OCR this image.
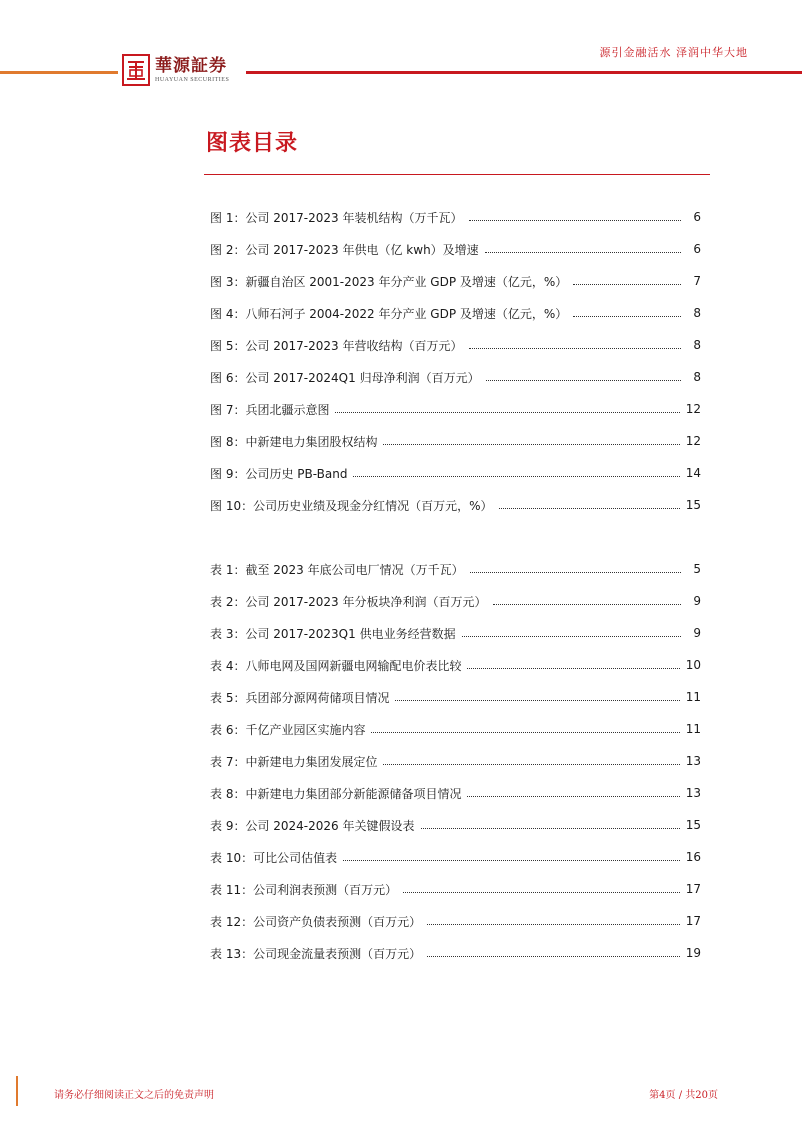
華源証券
HUAYUAN SECURITIES
源引金融活水 泽润中华大地
图表目录
图 1：公司 2017-2023 年装机结构（万千瓦）	6
图 2：公司 2017-2023 年供电（亿 kwh）及增速	6
图 3：新疆自治区 2001-2023 年分产业 GDP 及增速（亿元，%）	7
图 4：八师石河子 2004-2022 年分产业 GDP 及增速（亿元，%）	8
图 5：公司 2017-2023 年营收结构（百万元）	8
图 6：公司 2017-2024Q1 归母净利润（百万元）	8
图 7：兵团北疆示意图	12
图 8：中新建电力集团股权结构	12
图 9：公司历史 PB-Band	14
图 10：公司历史业绩及现金分红情况（百万元，%）	15
表 1：截至 2023 年底公司电厂情况（万千瓦）	5
表 2：公司 2017-2023 年分板块净利润（百万元）	9
表 3：公司 2017-2023Q1 供电业务经营数据	9
表 4：八师电网及国网新疆电网输配电价表比较	10
表 5：兵团部分源网荷储项目情况	11
表 6：千亿产业园区实施内容	11
表 7：中新建电力集团发展定位	13
表 8：中新建电力集团部分新能源储备项目情况	13
表 9：公司 2024-2026 年关键假设表	15
表 10：可比公司估值表	16
表 11：公司利润表预测（百万元）	17
表 12：公司资产负债表预测（百万元）	17
表 13：公司现金流量表预测（百万元）	19
请务必仔细阅读正文之后的免责声明	第4页 / 共20页
